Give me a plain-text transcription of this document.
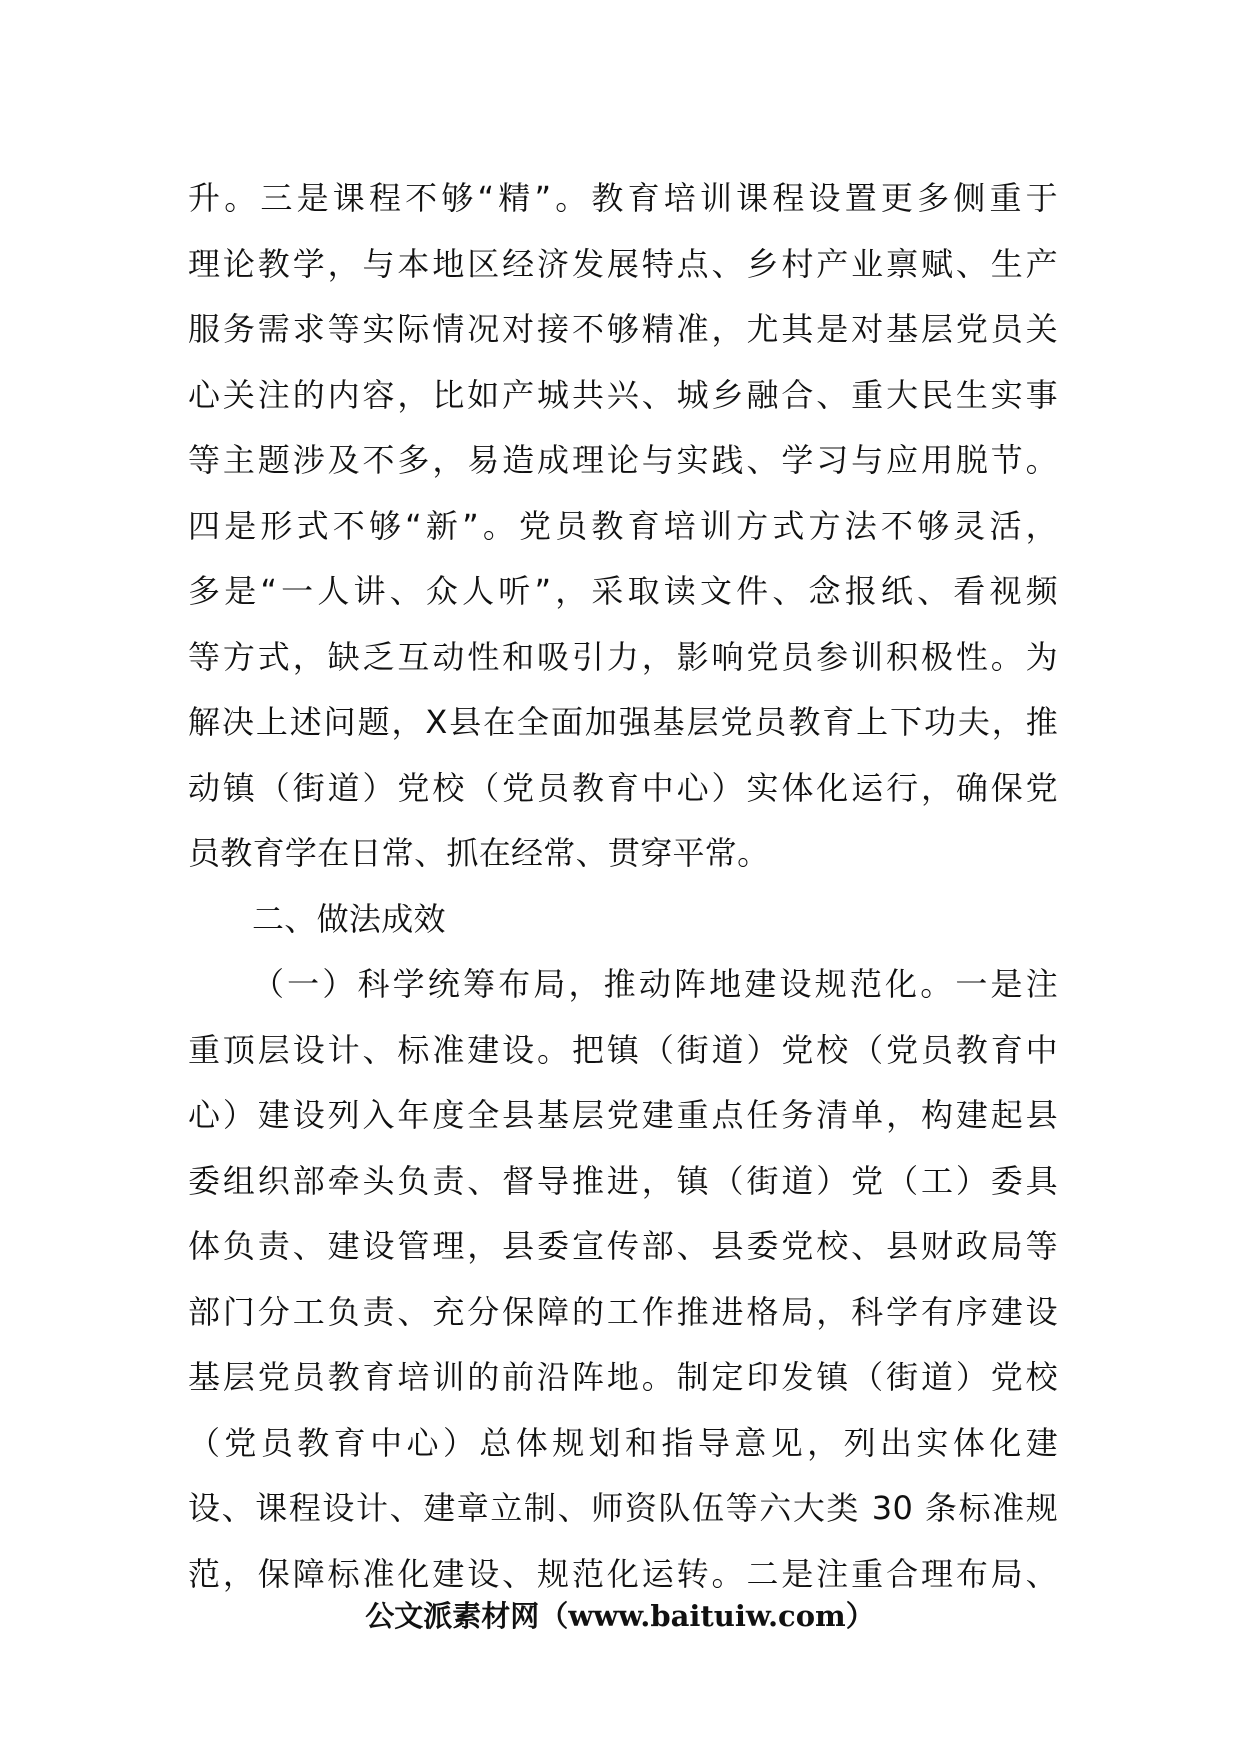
升。三是课程不够“精”。教育培训课程设置更多侧重于
理论教学，与本地区经济发展特点、乡村产业禀赋、生产
服务需求等实际情况对接不够精准，尤其是对基层党员关
心关注的内容，比如产城共兴、城乡融合、重大民生实事
等主题涉及不多，易造成理论与实践、学习与应用脱节。
四是形式不够“新”。党员教育培训方式方法不够灵活，
多是“一人讲、众人听”，采取读文件、念报纸、看视频
等方式，缺乏互动性和吸引力，影响党员参训积极性。为
解决上述问题，X县在全面加强基层党员教育上下功夫，推
动镇（街道）党校（党员教育中心）实体化运行，确保党
员教育学在日常、抓在经常、贯穿平常。
二、做法成效
（一）科学统筹布局，推动阵地建设规范化。一是注
重顶层设计、标准建设。把镇（街道）党校（党员教育中
心）建设列入年度全县基层党建重点任务清单，构建起县
委组织部牵头负责、督导推进，镇（街道）党（工）委具
体负责、建设管理，县委宣传部、县委党校、县财政局等
部门分工负责、充分保障的工作推进格局，科学有序建设
基层党员教育培训的前沿阵地。制定印发镇（街道）党校
（党员教育中心）总体规划和指导意见，列出实体化建
设、课程设计、建章立制、师资队伍等六大类 30 条标准规
范，保障标准化建设、规范化运转。二是注重合理布局、
公文派素材网（www.baituiw.com）
